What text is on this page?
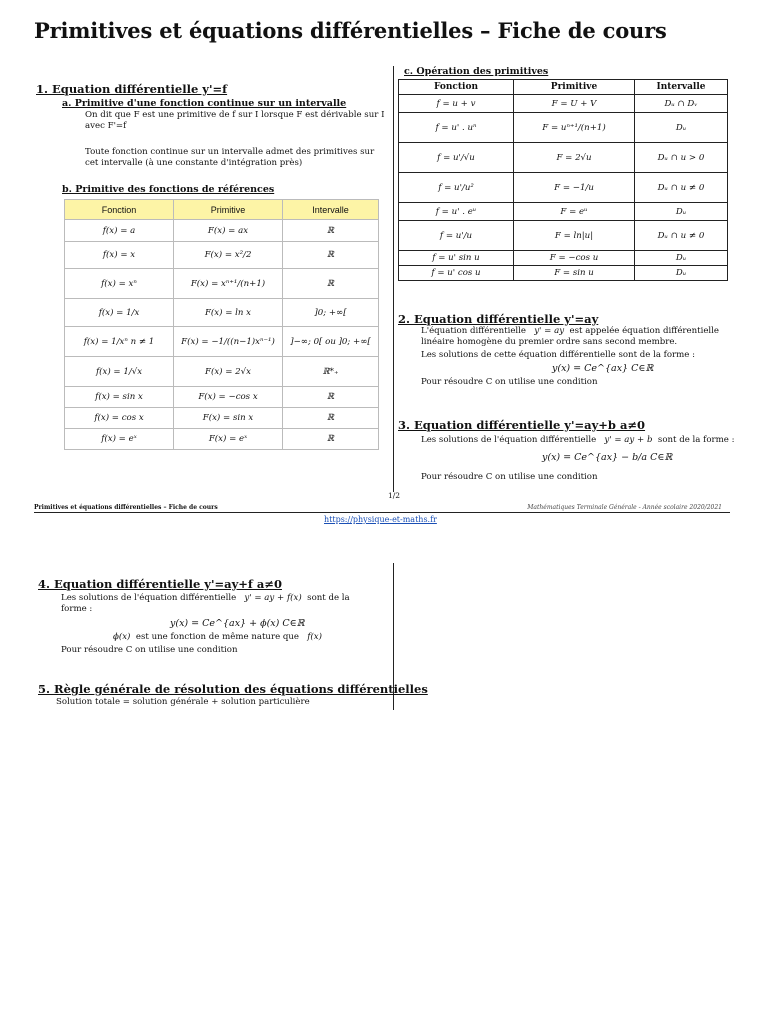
Primitives et équations différentielles – Fiche de cours
1. Equation différentielle y'=f
a. Primitive d'une fonction continue sur un intervalle
On dit que F est une primitive de f sur I lorsque F est dérivable sur I avec F'=f
Toute fonction continue sur un intervalle admet des primitives sur cet intervalle (à une constante d'intégration près)
b. Primitive des fonctions de références
Fonction	Primitive	Intervalle
f(x) = a	F(x) = ax	ℝ
f(x) = x	F(x) = x²/2	ℝ
f(x) = xⁿ	F(x) = xⁿ⁺¹/(n+1)	ℝ
f(x) = 1/x	F(x) = ln x	]0; +∞[
f(x) = 1/xⁿ n ≠ 1	F(x) = −1/((n−1)xⁿ⁻¹)	]−∞; 0[ ou ]0; +∞[
f(x) = 1/√x	F(x) = 2√x	ℝ*₊
f(x) = sin x	F(x) = −cos x	ℝ
f(x) = cos x	F(x) = sin x	ℝ
f(x) = eˣ	F(x) = eˣ	ℝ
c. Opération des primitives
Fonction	Primitive	Intervalle
f = u + v	F = U + V	Dᵤ ∩ Dᵥ
f = u' . uⁿ	F = uⁿ⁺¹/(n+1)	Dᵤ
f = u'/√u	F = 2√u	Dᵤ ∩ u > 0
f = u'/u²	F = −1/u	Dᵤ ∩ u ≠ 0
f = u' . eᵘ	F = eᵘ	Dᵤ
f = u'/u	F = ln|u|	Dᵤ ∩ u ≠ 0
f = u' sin u	F = −cos u	Dᵤ
f = u' cos u	F = sin u	Dᵤ
2. Equation différentielle y'=ay
L'équation différentielle y' = ay est appelée équation différentielle linéaire homogène du premier ordre sans second membre.
Les solutions de cette équation différentielle sont de la forme :
y(x) = Ce^{ax} C∈ℝ
Pour résoudre C on utilise une condition
3. Equation différentielle y'=ay+b a≠0
Les solutions de l'équation différentielle y' = ay + b sont de la forme :
y(x) = Ce^{ax} − b/a C∈ℝ
Pour résoudre C on utilise une condition
1/2
Primitives et équations différentielles – Fiche de cours	Mathématiques Terminale Générale - Année scolaire 2020/2021
https://physique-et-maths.fr
4. Equation différentielle y'=ay+f a≠0
Les solutions de l'équation différentielle y' = ay + f(x) sont de la forme :
y(x) = Ce^{ax} + ϕ(x) C∈ℝ
ϕ(x) est une fonction de même nature que f(x)
Pour résoudre C on utilise une condition
5. Règle générale de résolution des équations différentielles
Solution totale = solution générale + solution particulière
